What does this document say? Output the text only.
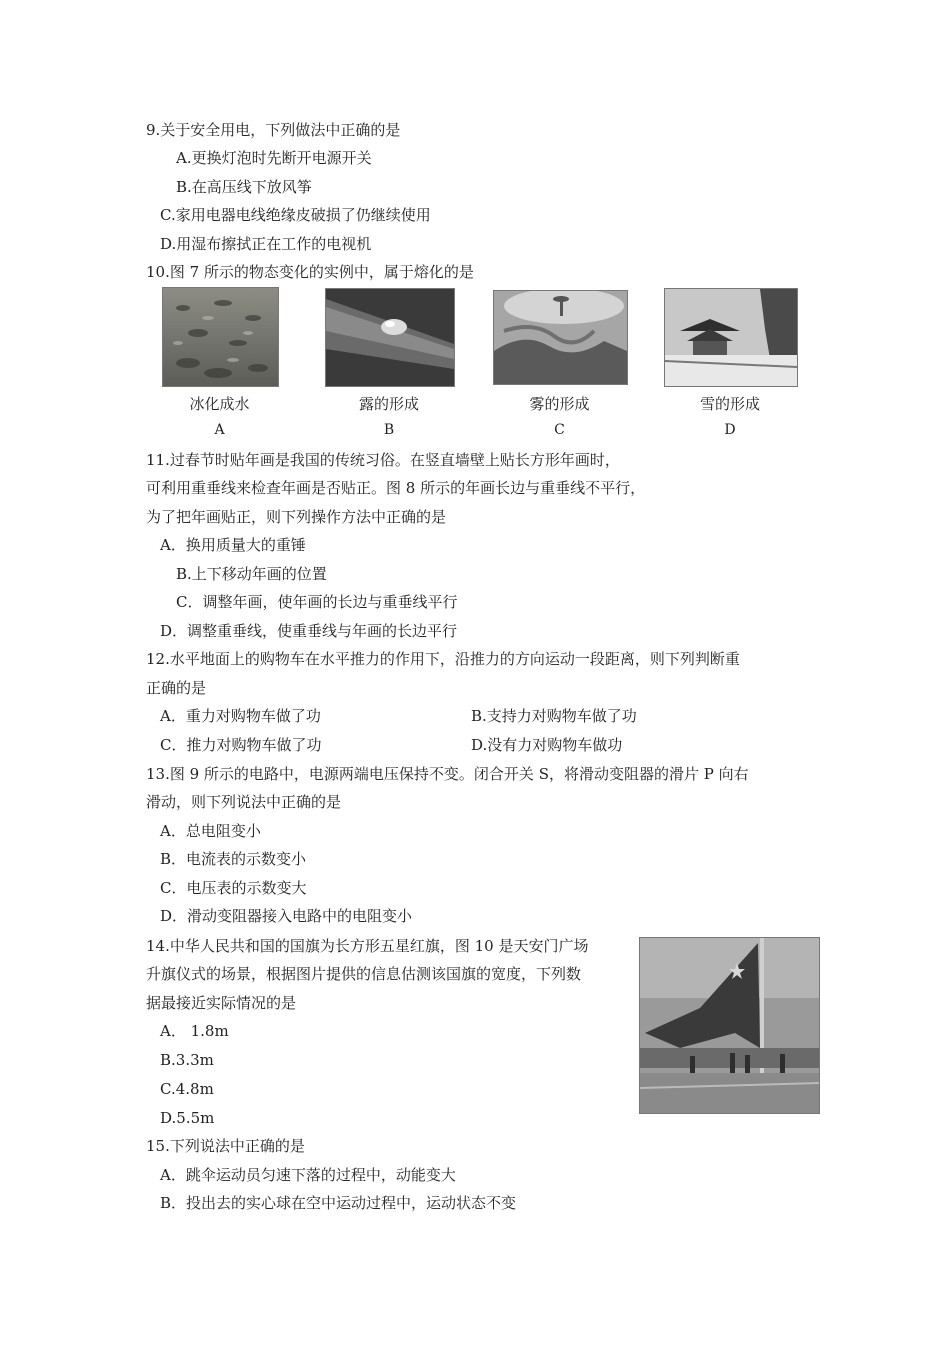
9.关于安全用电，下列做法中正确的是
A.更换灯泡时先断开电源开关
B.在高压线下放风筝
C.家用电器电线绝缘皮破损了仍继续使用
D.用湿布擦拭正在工作的电视机
10.图 7 所示的物态变化的实例中，属于熔化的是
冰化成水	露的形成	雾的形成	雪的形成
A	B	C	D
11.过春节时贴年画是我国的传统习俗。在竖直墙壁上贴长方形年画时，
可利用重垂线来检查年画是否贴正。图 8 所示的年画长边与重垂线不平行，
为了把年画贴正，则下列操作方法中正确的是
A．换用质量大的重锤
B.上下移动年画的位置
C．调整年画，使年画的长边与重垂线平行
D．调整重垂线，使重垂线与年画的长边平行
12.水平地面上的购物车在水平推力的作用下，沿推力的方向运动一段距离，则下列判断重
正确的是
A．重力对购物车做了功	B.支持力对购物车做了功
C．推力对购物车做了功	D.没有力对购物车做功
13.图 9 所示的电路中，电源两端电压保持不变。闭合开关 S，将滑动变阻器的滑片 P 向右
滑动，则下列说法中正确的是
A．总电阻变小
B．电流表的示数变小
C．电压表的示数变大
D．滑动变阻器接入电路中的电阻变小
14.中华人民共和国的国旗为长方形五星红旗，图 10 是天安门广场
升旗仪式的场景，根据图片提供的信息估测该国旗的宽度，下列数
据最接近实际情况的是
A． 1.8m
B.3.3m
C.4.8m
D.5.5m
15.下列说法中正确的是
A．跳伞运动员匀速下落的过程中，动能变大
B．投出去的实心球在空中运动过程中，运动状态不变
